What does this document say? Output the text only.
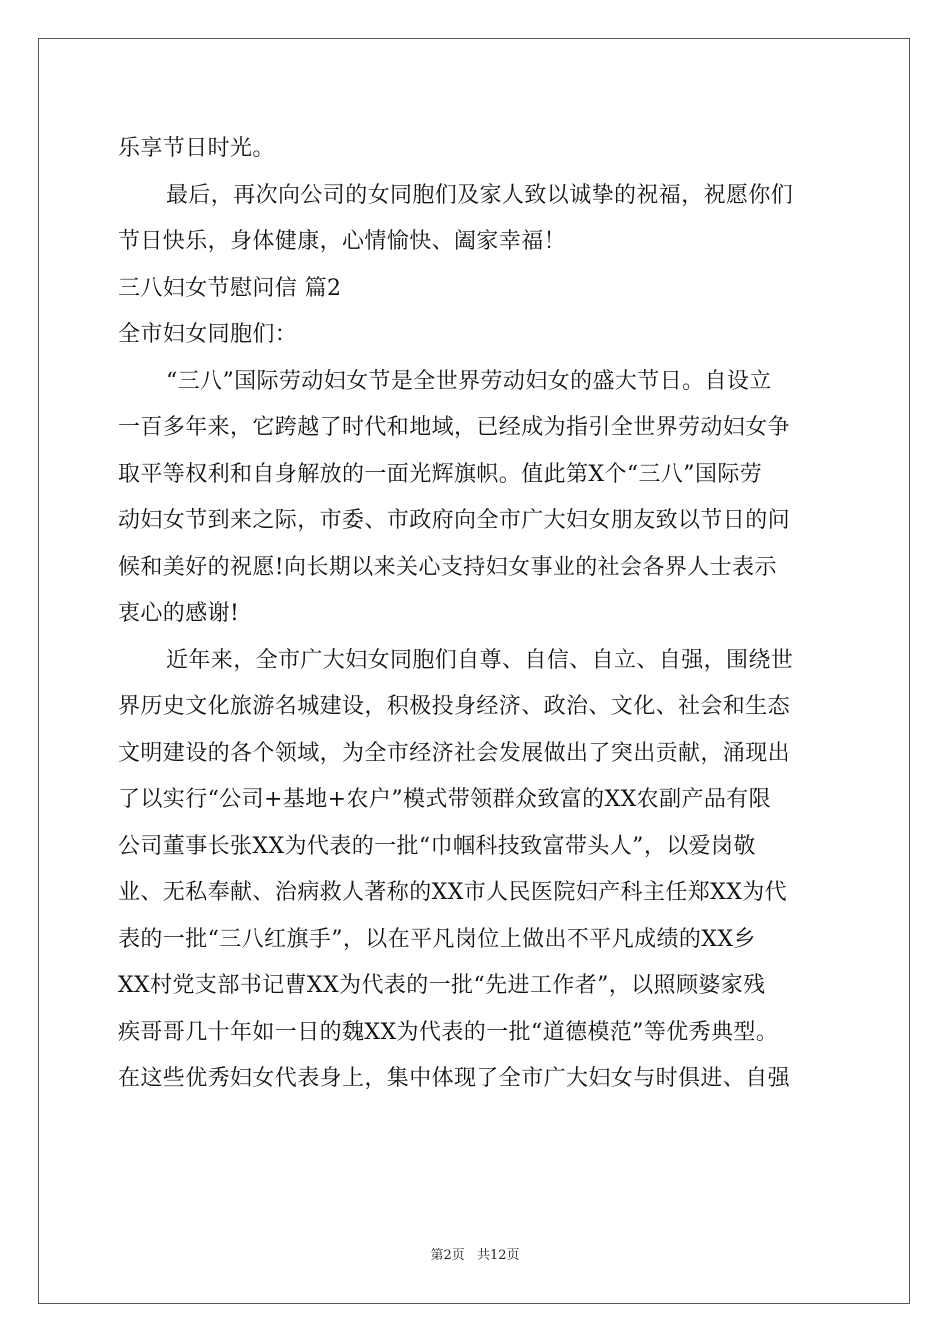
乐享节日时光。
最后，再次向公司的女同胞们及家人致以诚挚的祝福，祝愿你们
节日快乐，身体健康，心情愉快、阖家幸福！
三八妇女节慰问信 篇2
全市妇女同胞们：
“三八”国际劳动妇女节是全世界劳动妇女的盛大节日。自设立
一百多年来，它跨越了时代和地域，已经成为指引全世界劳动妇女争
取平等权利和自身解放的一面光辉旗帜。值此第X个“三八”国际劳
动妇女节到来之际，市委、市政府向全市广大妇女朋友致以节日的问
候和美好的祝愿!向长期以来关心支持妇女事业的社会各界人士表示
衷心的感谢!
近年来，全市广大妇女同胞们自尊、自信、自立、自强，围绕世
界历史文化旅游名城建设，积极投身经济、政治、文化、社会和生态
文明建设的各个领域，为全市经济社会发展做出了突出贡献，涌现出
了以实行“公司+基地+农户”模式带领群众致富的XX农副产品有限
公司董事长张XX为代表的一批“巾帼科技致富带头人”，以爱岗敬
业、无私奉献、治病救人著称的XX市人民医院妇产科主任郑XX为代
表的一批“三八红旗手”，以在平凡岗位上做出不平凡成绩的XX乡
XX村党支部书记曹XX为代表的一批“先进工作者”，以照顾婆家残
疾哥哥几十年如一日的魏XX为代表的一批“道德模范”等优秀典型。
在这些优秀妇女代表身上，集中体现了全市广大妇女与时俱进、自强
第2页 共12页
